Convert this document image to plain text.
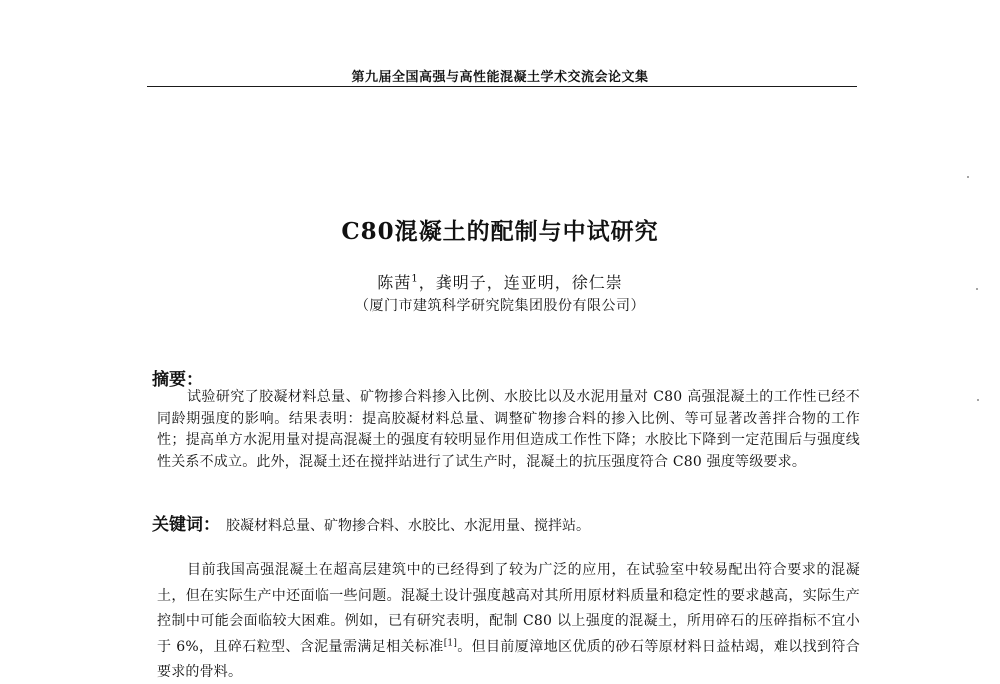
第九届全国高强与高性能混凝土学术交流会论文集
C80混凝土的配制与中试研究
陈茜$^1$，龚明子，连亚明，徐仁崇
（厦门市建筑科学研究院集团股份有限公司）
摘要：
试验研究了胶凝材料总量、矿物掺合料掺入比例、水胶比以及水泥用量对 C80 高强混凝土的工作性已经不同龄期强度的影响。结果表明：提高胶凝材料总量、调整矿物掺合料的掺入比例、等可显著改善拌合物的工作性；提高单方水泥用量对提高混凝土的强度有较明显作用但造成工作性下降；水胶比下降到一定范围后与强度线性关系不成立。此外，混凝土还在搅拌站进行了试生产时，混凝土的抗压强度符合 C80 强度等级要求。
关键词： 胶凝材料总量、矿物掺合料、水胶比、水泥用量、搅拌站。
目前我国高强混凝土在超高层建筑中的已经得到了较为广泛的应用，在试验室中较易配出符合要求的混凝土，但在实际生产中还面临一些问题。混凝土设计强度越高对其所用原材料质量和稳定性的要求越高，实际生产控制中可能会面临较大困难。例如，已有研究表明，配制 C80 以上强度的混凝土，所用碎石的压碎指标不宜小于 6%，且碎石粒型、含泥量需满足相关标准[1]。但目前厦漳地区优质的砂石等原材料日益枯竭，难以找到符合要求的骨料。
